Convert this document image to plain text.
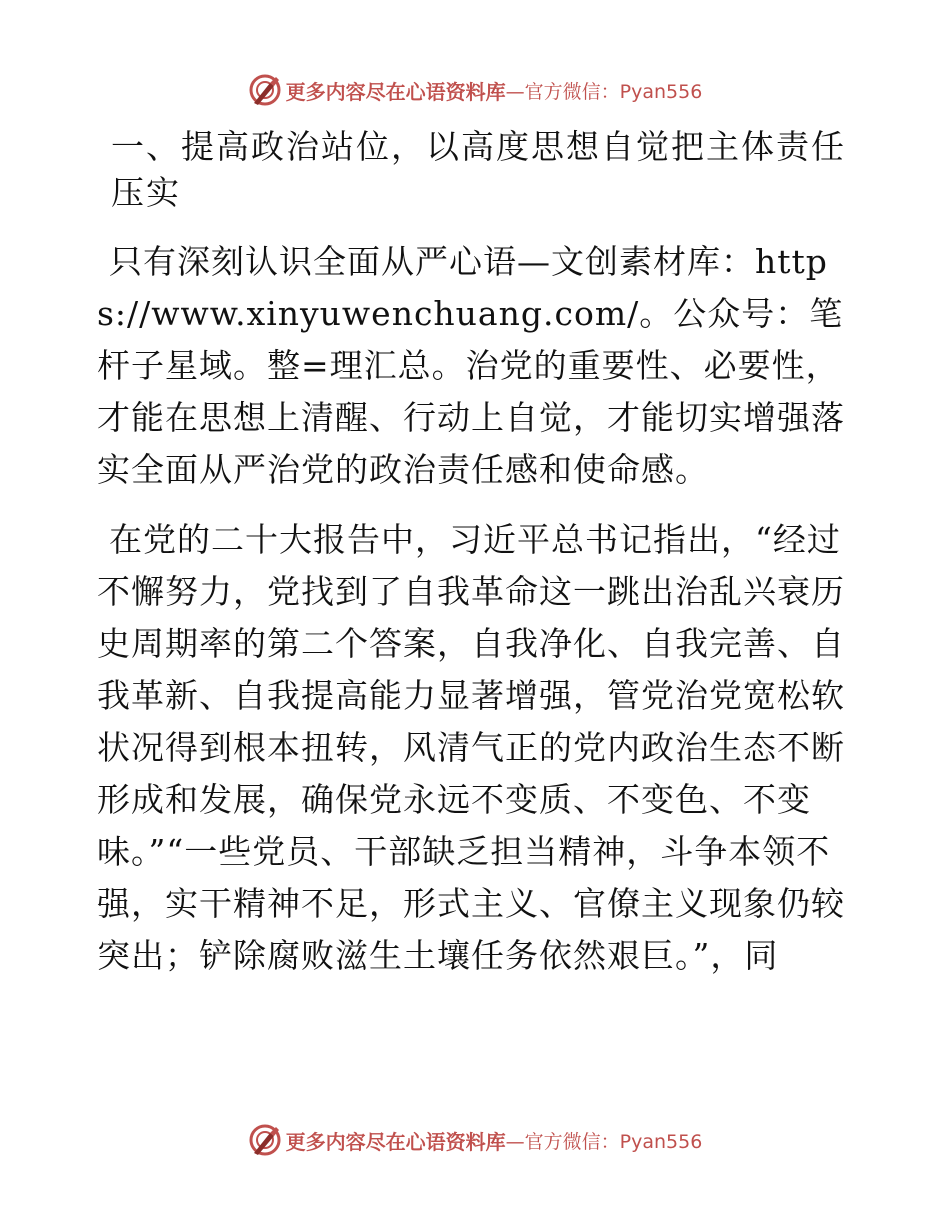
更多内容尽在心语资料库 —官方微信：Pyan556
一、提高政治站位，以高度思想自觉把主体责任压实

只有深刻认识全面从严心语—文创素材库：https://www.xinyuwenchuang.com/。公众号：笔杆子星域。整=理汇总。治党的重要性、必要性，才能在思想上清醒、行动上自觉，才能切实增强落实全面从严治党的政治责任感和使命感。

在党的二十大报告中，习近平总书记指出，“经过不懈努力，党找到了自我革命这一跳出治乱兴衰历史周期率的第二个答案，自我净化、自我完善、自我革新、自我提高能力显著增强，管党治党宽松软状况得到根本扭转，风清气正的党内政治生态不断形成和发展，确保党永远不变质、不变色、不变味。”“一些党员、干部缺乏担当精神，斗争本领不强，实干精神不足，形式主义、官僚主义现象仍较突出；铲除腐败滋生土壤任务依然艰巨。”，同

更多内容尽在心语资料库 —官方微信：Pyan556
